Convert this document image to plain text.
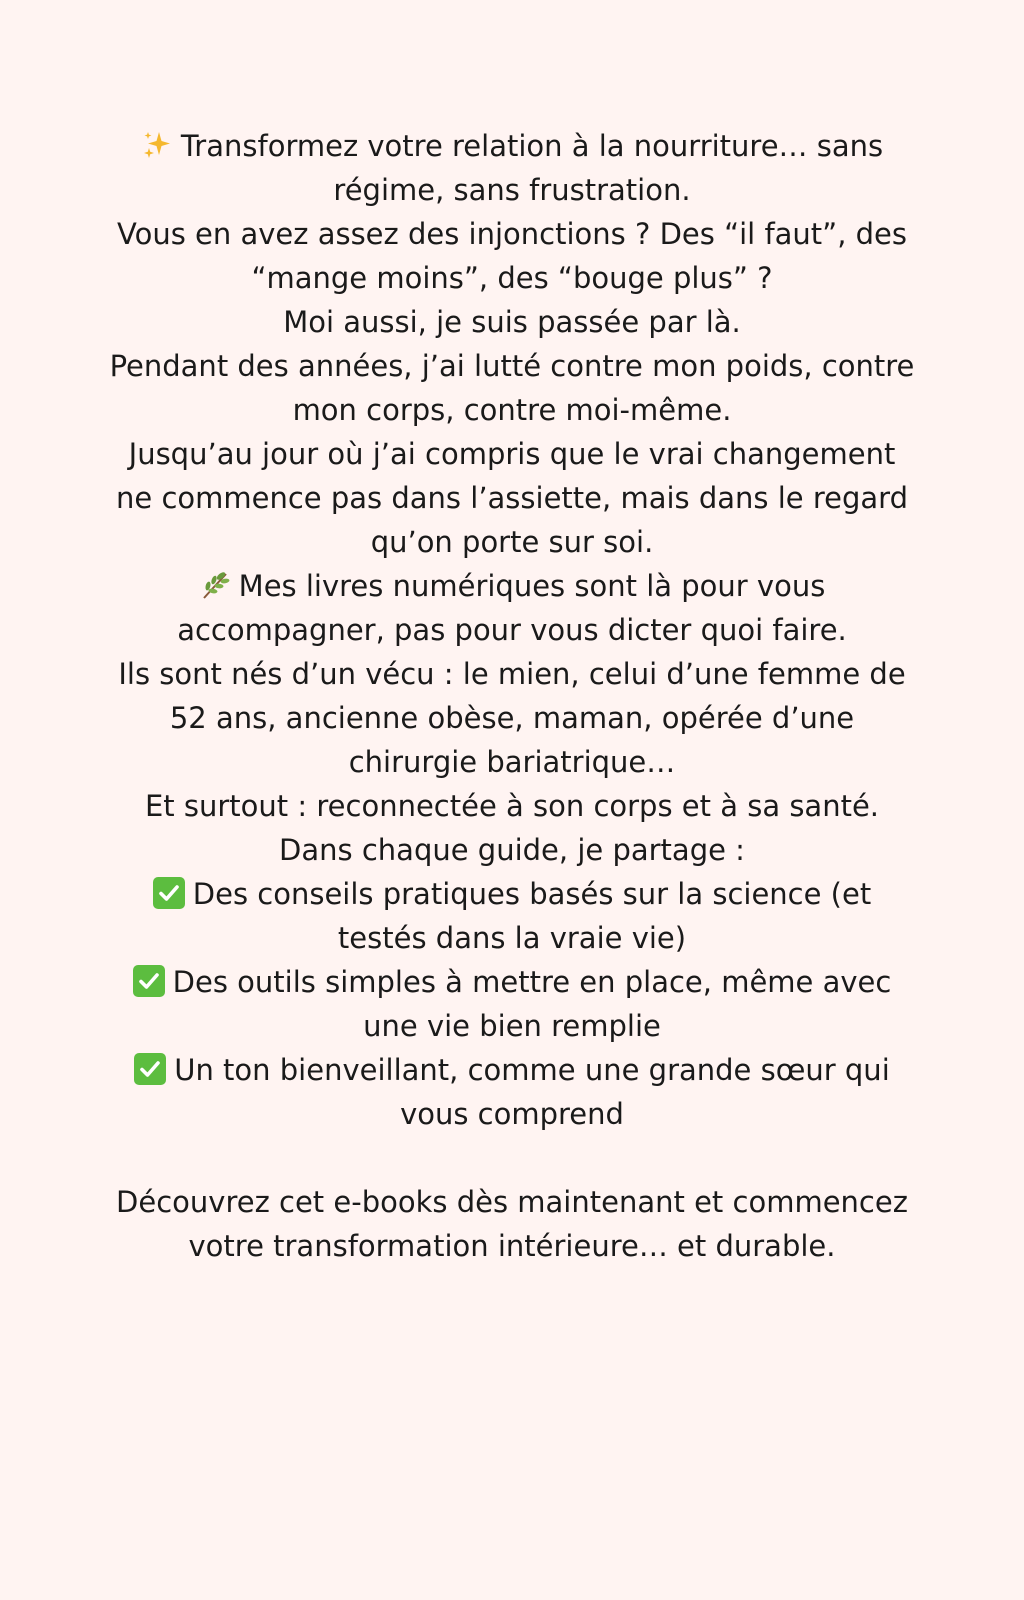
Transformez votre relation à la nourriture… sans régime, sans frustration.
Vous en avez assez des injonctions ? Des “il faut”, des “mange moins”, des “bouge plus” ?
Moi aussi, je suis passée par là.
Pendant des années, j’ai lutté contre mon poids, contre mon corps, contre moi-même.
Jusqu’au jour où j’ai compris que le vrai changement ne commence pas dans l’assiette, mais dans le regard qu’on porte sur soi.
Mes livres numériques sont là pour vous accompagner, pas pour vous dicter quoi faire.
Ils sont nés d’un vécu : le mien, celui d’une femme de 52 ans, ancienne obèse, maman, opérée d’une chirurgie bariatrique…
Et surtout : reconnectée à son corps et à sa santé.
Dans chaque guide, je partage :
Des conseils pratiques basés sur la science (et testés dans la vraie vie)
Des outils simples à mettre en place, même avec une vie bien remplie
Un ton bienveillant, comme une grande sœur qui vous comprend
Découvrez cet e-books dès maintenant et commencez votre transformation intérieure… et durable.
